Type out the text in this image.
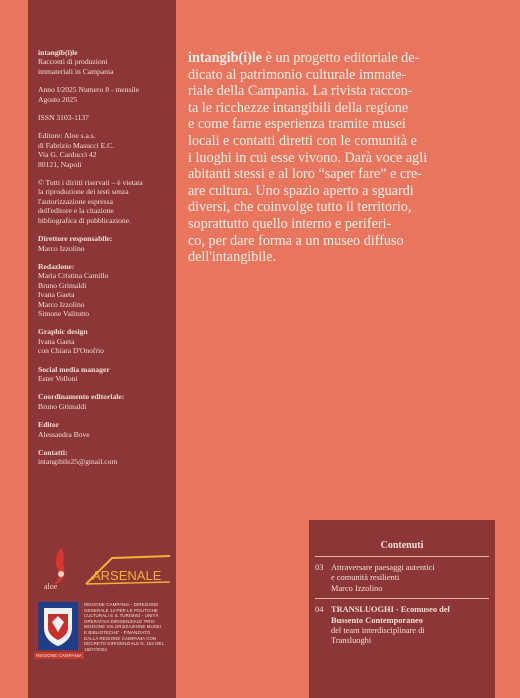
intangib(i)le
Racconti di produzioni
immateriali in Campania
Anno I/2025 Numero 8 - mensile
Agosto 2025
ISSN 3103-1137
Editore: Aloe s.a.s.
di Fabrizio Masucci E.C.
Via G. Carducci 42
80121, Napoli
© Tutti i diritti riservati – è vietata
la riproduzione dei testi senza
l'autorizzazione espressa
dell'editore e la citazione
bibliografica di pubblicazione.
Direttore responsabile:
Marco Izzolino
Redazione:
Maria Cristina Camillo
Bruno Grimaldi
Ivana Gaeta
Marco Izzolino
Simone Valitutto
Graphic design
Ivana Gaeta
con Chiara D'Onofrio
Social media manager
Ester Volloni
Coordinamento editoriale:
Bruno Grimaldi
Editor
Alessandra Bove
Contatti:
intangibile25@gmail.com
aloe
ARSENALE
REGIONE CAMPANIA
REGIONE CAMPANIA - DIREZIONE
GENERALE 12 PER LE POLITICHE
CULTURALI E IL TURISMO - UNITÀ
OPERATIVA DIRIGENZIALE 'PRO-
MOZIONE VALORIZZAZIONE MUSEI
E BIBLIOTECHE' - FINANZIATO
DALLA REGIONE CAMPANIA CON
DECRETO DIRIGENZIALE N. 154 DEL
18/07/2024
intangib(i)le è un progetto editoriale de-
dicato al patrimonio culturale immate-
riale della Campania. La rivista raccon-
ta le ricchezze intangibili della regione
e come farne esperienza tramite musei
locali e contatti diretti con le comunità e
i luoghi in cui esse vivono. Darà voce agli
abitanti stessi e al loro “saper fare” e cre-
are cultura. Uno spazio aperto a sguardi
diversi, che coinvolge tutto il territorio,
soprattutto quello interno e periferi-
co, per dare forma a un museo diffuso
dell'intangibile.
Contenuti
03 Attraversare paesaggi autentici
e comunità resilienti
Marco Izzolino
04 TRANSLUOGHI - Ecomuseo del
Bussento Contemporaneo
del team interdisciplinare di
Transluoghi
